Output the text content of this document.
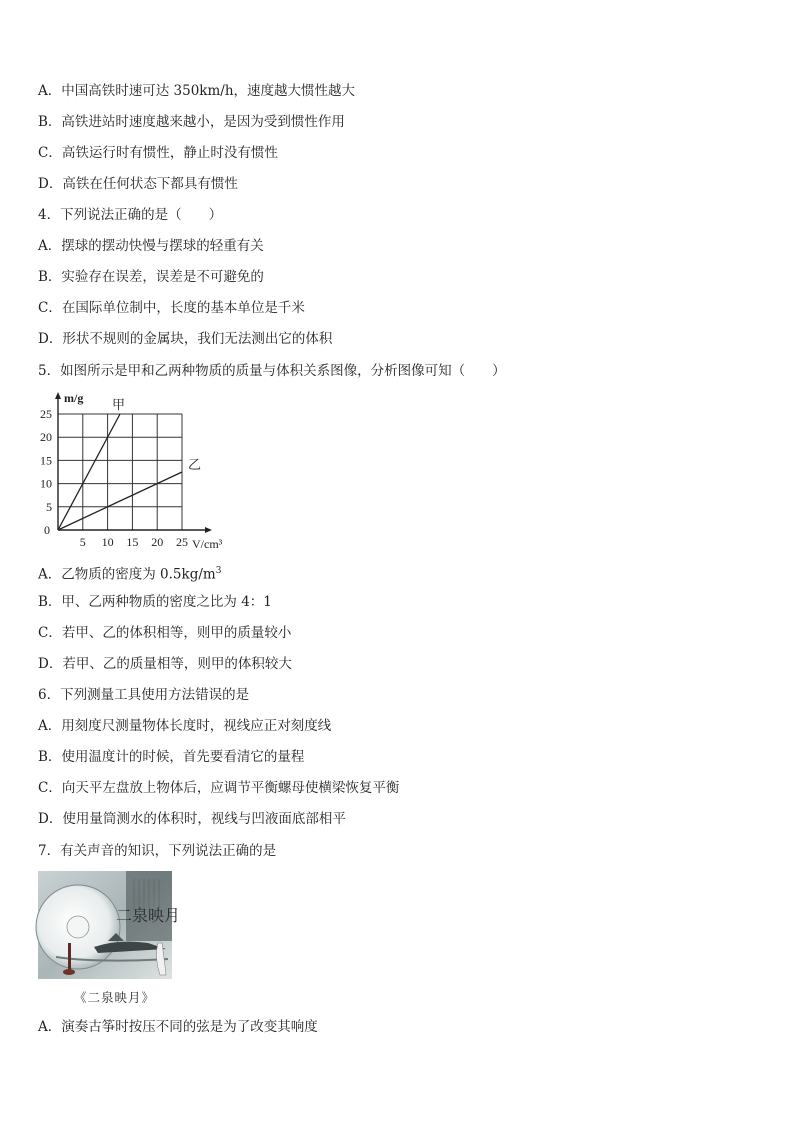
A．中国高铁时速可达 350km/h，速度越大惯性越大
B．高铁进站时速度越来越小，是因为受到惯性作用
C．高铁运行时有惯性，静止时没有惯性
D．高铁在任何状态下都具有惯性
4．下列说法正确的是（　　）
A．摆球的摆动快慢与摆球的轻重有关
B．实验存在误差，误差是不可避免的
C．在国际单位制中，长度的基本单位是千米
D．形状不规则的金属块，我们无法测出它的体积
5．如图所示是甲和乙两种物质的质量与体积关系图像，分析图像可知（　　）
5 10 15 20 25
5
10
15
20
25
0
V/cm³
m/g 甲
乙
A．乙物质的密度为 $0.5kg/m^3$
B．甲、乙两种物质的密度之比为 4：1
C．若甲、乙的体积相等，则甲的质量较小
D．若甲、乙的质量相等，则甲的体积较大
6．下列测量工具使用方法错误的是
A．用刻度尺测量物体长度时，视线应正对刻度线
B．使用温度计的时候，首先要看清它的量程
C．向天平左盘放上物体后，应调节平衡螺母使横梁恢复平衡
D．使用量筒测水的体积时，视线与凹液面底部相平
7．有关声音的知识，下列说法正确的是
二泉映月
《二泉映月》
A．演奏古筝时按压不同的弦是为了改变其响度
